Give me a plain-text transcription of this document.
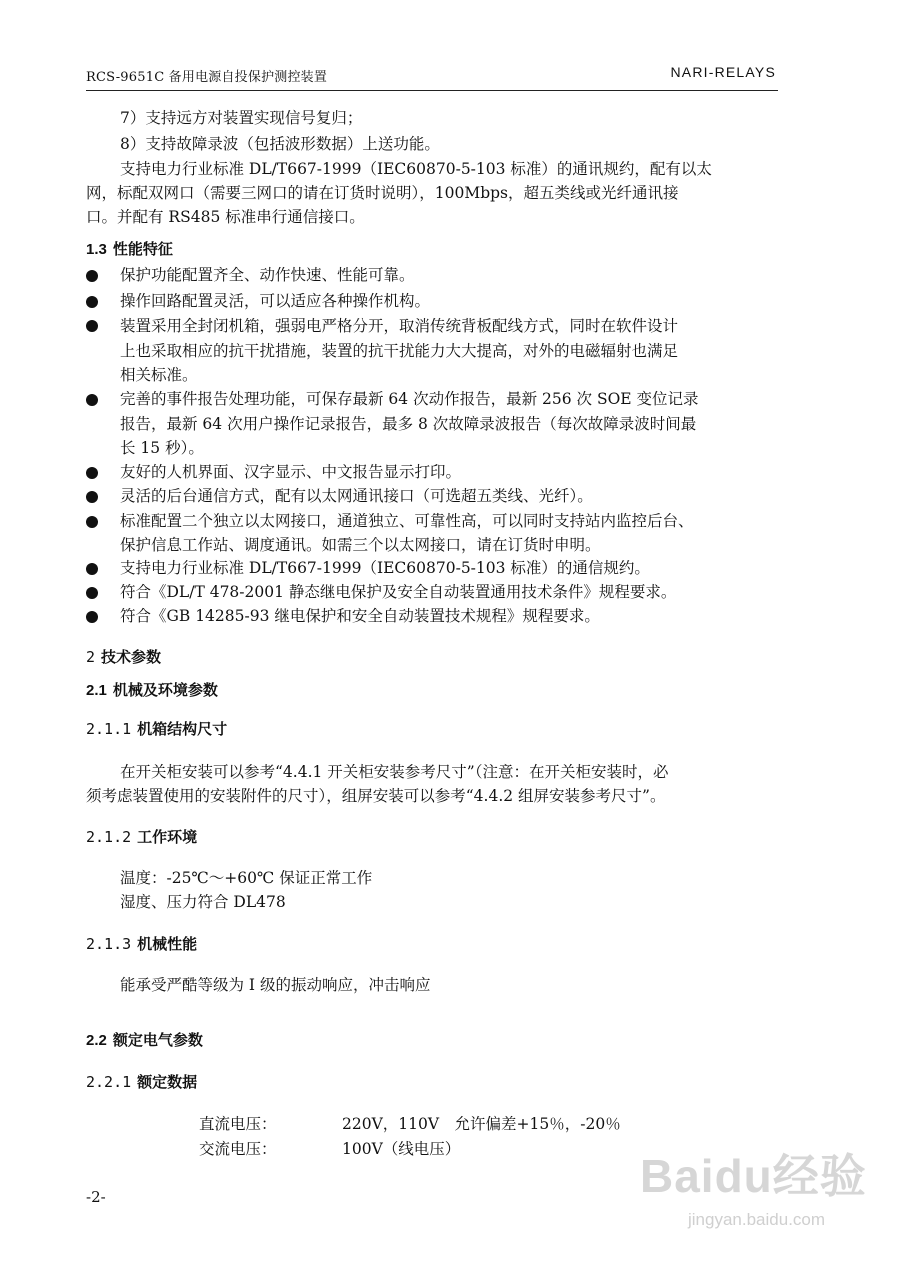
RCS-9651C 备用电源自投保护测控装置	NARI-RELAYS
7）支持远方对装置实现信号复归；
8）支持故障录波（包括波形数据）上送功能。
支持电力行业标准 DL/T667-1999（IEC60870-5-103 标准）的通讯规约，配有以太
网，标配双网口（需要三网口的请在订货时说明），100Mbps，超五类线或光纤通讯接
口。并配有 RS485 标准串行通信接口。
1.3 性能特征
保护功能配置齐全、动作快速、性能可靠。
操作回路配置灵活，可以适应各种操作机构。
装置采用全封闭机箱，强弱电严格分开，取消传统背板配线方式，同时在软件设计
上也采取相应的抗干扰措施，装置的抗干扰能力大大提高，对外的电磁辐射也满足
相关标准。
完善的事件报告处理功能，可保存最新 64 次动作报告，最新 256 次 SOE 变位记录
报告，最新 64 次用户操作记录报告，最多 8 次故障录波报告（每次故障录波时间最
长 15 秒）。
友好的人机界面、汉字显示、中文报告显示打印。
灵活的后台通信方式，配有以太网通讯接口（可选超五类线、光纤）。
标准配置二个独立以太网接口，通道独立、可靠性高，可以同时支持站内监控后台、
保护信息工作站、调度通讯。如需三个以太网接口，请在订货时申明。
支持电力行业标准 DL/T667-1999（IEC60870-5-103 标准）的通信规约。
符合《DL/T 478-2001 静态继电保护及安全自动装置通用技术条件》规程要求。
符合《GB 14285-93 继电保护和安全自动装置技术规程》规程要求。
2 技术参数
2.1 机械及环境参数
2.1.1 机箱结构尺寸
在开关柜安装可以参考“4.4.1 开关柜安装参考尺寸”（注意：在开关柜安装时，必
须考虑装置使用的安装附件的尺寸），组屏安装可以参考“4.4.2 组屏安装参考尺寸”。
2.1.2 工作环境
温度：-25℃～+60℃ 保证正常工作
湿度、压力符合 DL478
2.1.3 机械性能
能承受严酷等级为 I 级的振动响应，冲击响应
2.2 额定电气参数
2.2.1 额定数据
直流电压：	220V，110V　允许偏差+15％，-20％
交流电压：	100V（线电压）
-2-	Baidu经验
jingyan.baidu.com
